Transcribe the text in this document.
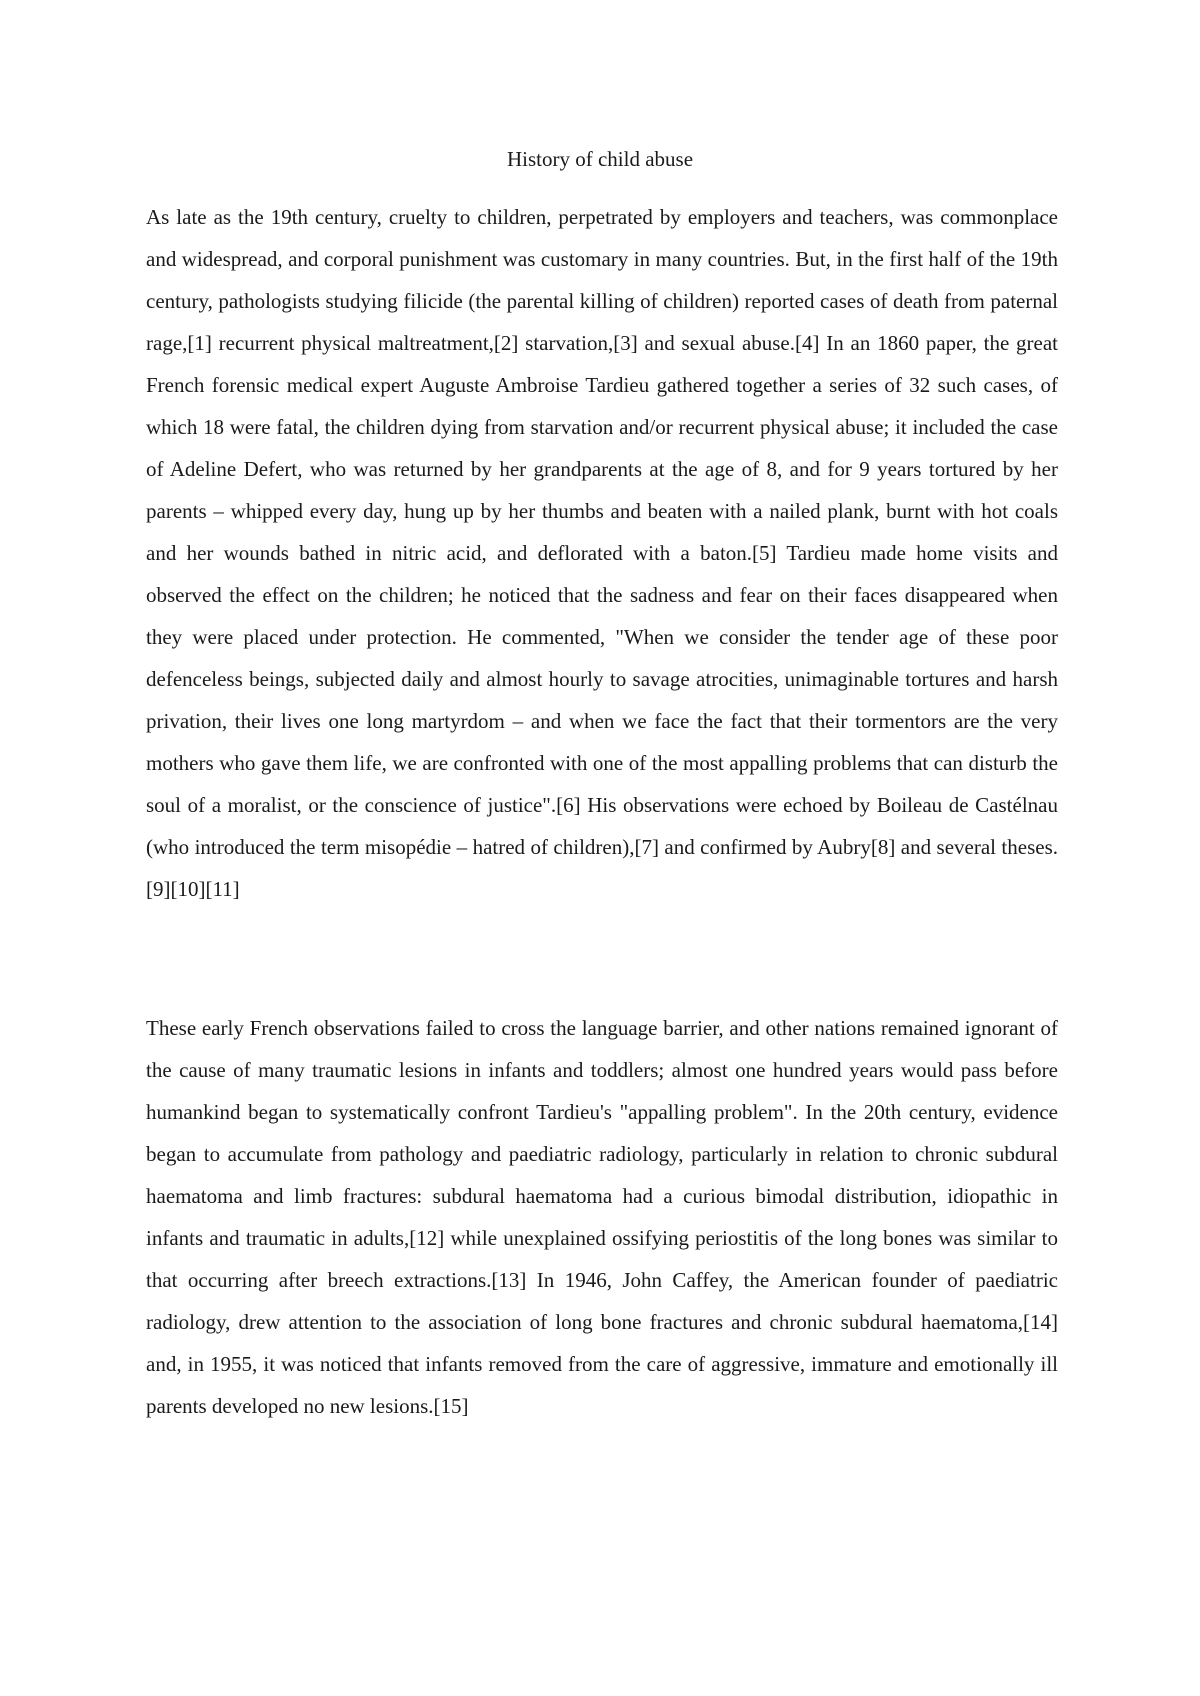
History of child abuse

As late as the 19th century, cruelty to children, perpetrated by employers and teachers, was commonplace and widespread, and corporal punishment was customary in many countries. But, in the first half of the 19th century, pathologists studying filicide (the parental killing of children) reported cases of death from paternal rage,[1] recurrent physical maltreatment,[2] starvation,[3] and sexual abuse.[4] In an 1860 paper, the great French forensic medical expert Auguste Ambroise Tardieu gathered together a series of 32 such cases, of which 18 were fatal, the children dying from starvation and/or recurrent physical abuse; it included the case of Adeline Defert, who was returned by her grandparents at the age of 8, and for 9 years tortured by her parents – whipped every day, hung up by her thumbs and beaten with a nailed plank, burnt with hot coals and her wounds bathed in nitric acid, and deflorated with a baton.[5] Tardieu made home visits and observed the effect on the children; he noticed that the sadness and fear on their faces disappeared when they were placed under protection. He commented, "When we consider the tender age of these poor defenceless beings, subjected daily and almost hourly to savage atrocities, unimaginable tortures and harsh privation, their lives one long martyrdom – and when we face the fact that their tormentors are the very mothers who gave them life, we are confronted with one of the most appalling problems that can disturb the soul of a moralist, or the conscience of justice".[6] His observations were echoed by Boileau de Castélnau (who introduced the term misopédie – hatred of children),[7] and confirmed by Aubry[8] and several theses.[9][10][11]

These early French observations failed to cross the language barrier, and other nations remained ignorant of the cause of many traumatic lesions in infants and toddlers; almost one hundred years would pass before humankind began to systematically confront Tardieu's "appalling problem". In the 20th century, evidence began to accumulate from pathology and paediatric radiology, particularly in relation to chronic subdural haematoma and limb fractures: subdural haematoma had a curious bimodal distribution, idiopathic in infants and traumatic in adults,[12] while unexplained ossifying periostitis of the long bones was similar to that occurring after breech extractions.[13] In 1946, John Caffey, the American founder of paediatric radiology, drew attention to the association of long bone fractures and chronic subdural haematoma,[14] and, in 1955, it was noticed that infants removed from the care of aggressive, immature and emotionally ill parents developed no new lesions.[15]
